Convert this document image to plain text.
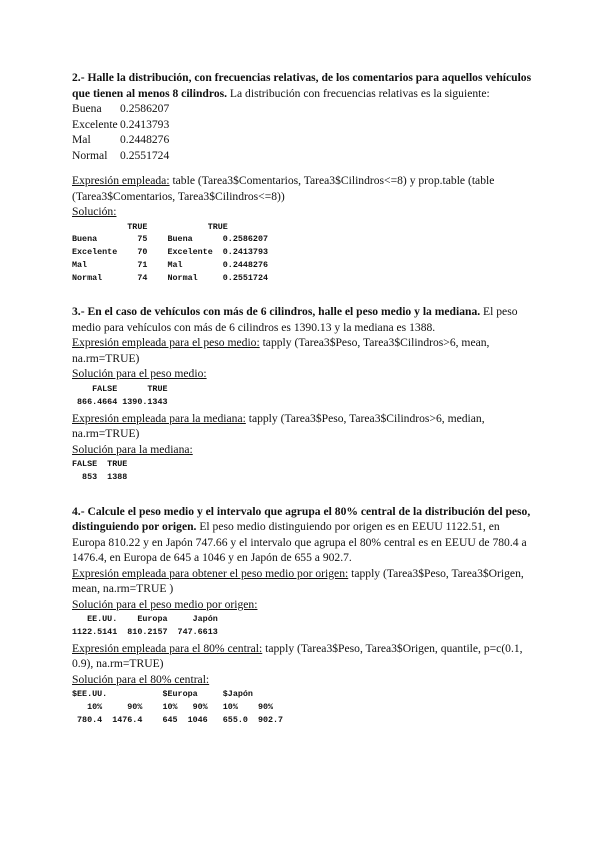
2.- Halle la distribución, con frecuencias relativas, de los comentarios para aquellos vehículos que tienen al menos 8 cilindros. La distribución con frecuencias relativas es la siguiente:

Buena	0.2586207
Excelente	0.2413793
Mal	0.2448276
Normal	0.2551724

Expresión empleada: table (Tarea3$Comentarios, Tarea3$Cilindros<=8) y prop.table (table (Tarea3$Comentarios, Tarea3$Cilindros<=8))

Solución:

TRUE            TRUE
Buena        75    Buena      0.2586207
Excelente    70    Excelente  0.2413793
Mal          71    Mal        0.2448276
Normal       74    Normal     0.2551724

3.- En el caso de vehículos con más de 6 cilindros, halle el peso medio y la mediana. El peso medio para vehículos con más de 6 cilindros es 1390.13 y la mediana es 1388.

Expresión empleada para el peso medio: tapply (Tarea3$Peso, Tarea3$Cilindros>6, mean, na.rm=TRUE)

Solución para el peso medio:

FALSE      TRUE
866.4664 1390.1343

Expresión empleada para la mediana: tapply (Tarea3$Peso, Tarea3$Cilindros>6, median, na.rm=TRUE)

Solución para la mediana:

FALSE  TRUE
853  1388

4.- Calcule el peso medio y el intervalo que agrupa el 80% central de la distribución del peso, distinguiendo por origen. El peso medio distinguiendo por origen es en EEUU 1122.51, en Europa 810.22 y en Japón 747.66 y el intervalo que agrupa el 80% central es en EEUU de 780.4 a 1476.4, en Europa de 645 a 1046 y en Japón de 655 a 902.7.

Expresión empleada para obtener el peso medio por origen: tapply (Tarea3$Peso, Tarea3$Origen, mean, na.rm=TRUE )

Solución para el peso medio por origen:

EE.UU.    Europa     Japón
1122.5141  810.2157  747.6613

Expresión empleada para el 80% central: tapply (Tarea3$Peso, Tarea3$Origen, quantile, p=c(0.1, 0.9), na.rm=TRUE)

Solución para el 80% central:

$EE.UU.           $Europa     $Japón
10%     90%    10%   90%   10%    90%
780.4  1476.4    645  1046   655.0  902.7
